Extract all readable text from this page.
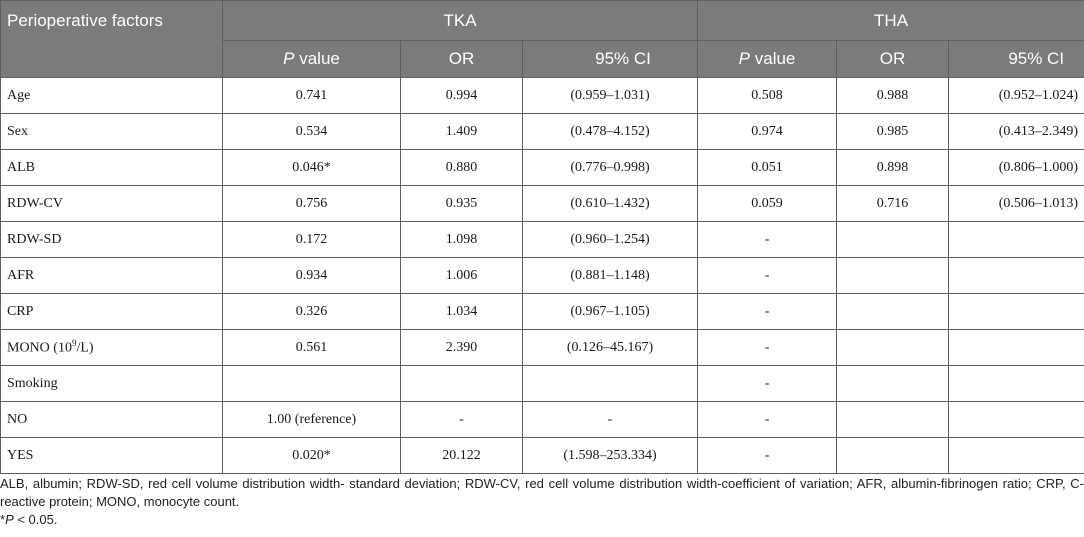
Perioperative factors	TKA			THA		
	P value	OR	95% CI	P value	OR	95% CI
Age	0.741	0.994	(0.959–1.031)	0.508	0.988	(0.952–1.024)
Sex	0.534	1.409	(0.478–4.152)	0.974	0.985	(0.413–2.349)
ALB	0.046*	0.880	(0.776–0.998)	0.051	0.898	(0.806–1.000)
RDW-CV	0.756	0.935	(0.610–1.432)	0.059	0.716	(0.506–1.013)
RDW-SD	0.172	1.098	(0.960–1.254)	-		
AFR	0.934	1.006	(0.881–1.148)	-		
CRP	0.326	1.034	(0.967–1.105)	-		
MONO $(10^9/L)$	0.561	2.390	(0.126–45.167)	-		
Smoking				-		
NO	1.00 (reference)	-	-	-		
YES	0.020*	20.122	(1.598–253.334)	-		

ALB, albumin; RDW-SD, red cell volume distribution width- standard deviation; RDW-CV, red cell volume distribution width-coefficient of variation; AFR, albumin-fibrinogen ratio; CRP, C-reactive protein; MONO, monocyte count.

*P < 0.05.
